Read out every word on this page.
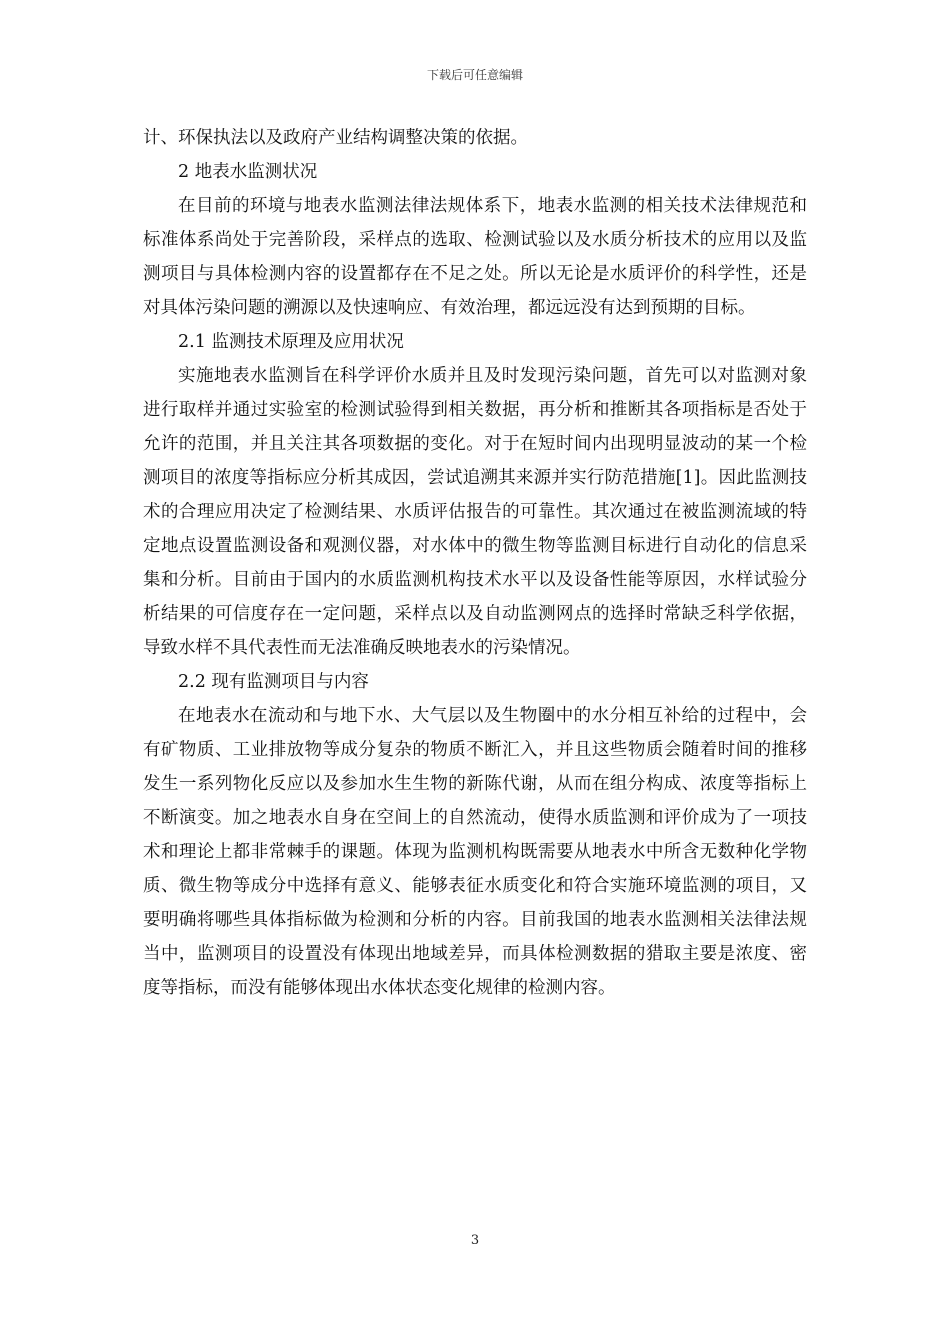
下载后可任意编辑

计、环保执法以及政府产业结构调整决策的依据。

2 地表水监测状况

在目前的环境与地表水监测法律法规体系下，地表水监测的相关技术法律规范和标准体系尚处于完善阶段，采样点的选取、检测试验以及水质分析技术的应用以及监测项目与具体检测内容的设置都存在不足之处。所以无论是水质评价的科学性，还是对具体污染问题的溯源以及快速响应、有效治理，都远远没有达到预期的目标。

2.1 监测技术原理及应用状况

实施地表水监测旨在科学评价水质并且及时发现污染问题，首先可以对监测对象进行取样并通过实验室的检测试验得到相关数据，再分析和推断其各项指标是否处于允许的范围，并且关注其各项数据的变化。对于在短时间内出现明显波动的某一个检测项目的浓度等指标应分析其成因，尝试追溯其来源并实行防范措施[1]。因此监测技术的合理应用决定了检测结果、水质评估报告的可靠性。其次通过在被监测流域的特定地点设置监测设备和观测仪器，对水体中的微生物等监测目标进行自动化的信息采集和分析。目前由于国内的水质监测机构技术水平以及设备性能等原因，水样试验分析结果的可信度存在一定问题，采样点以及自动监测网点的选择时常缺乏科学依据，导致水样不具代表性而无法准确反映地表水的污染情况。

2.2 现有监测项目与内容

在地表水在流动和与地下水、大气层以及生物圈中的水分相互补给的过程中，会有矿物质、工业排放物等成分复杂的物质不断汇入，并且这些物质会随着时间的推移发生一系列物化反应以及参加水生生物的新陈代谢，从而在组分构成、浓度等指标上不断演变。加之地表水自身在空间上的自然流动，使得水质监测和评价成为了一项技术和理论上都非常棘手的课题。体现为监测机构既需要从地表水中所含无数种化学物质、微生物等成分中选择有意义、能够表征水质变化和符合实施环境监测的项目，又要明确将哪些具体指标做为检测和分析的内容。目前我国的地表水监测相关法律法规当中，监测项目的设置没有体现出地域差异，而具体检测数据的猎取主要是浓度、密度等指标，而没有能够体现出水体状态变化规律的检测内容。

3
